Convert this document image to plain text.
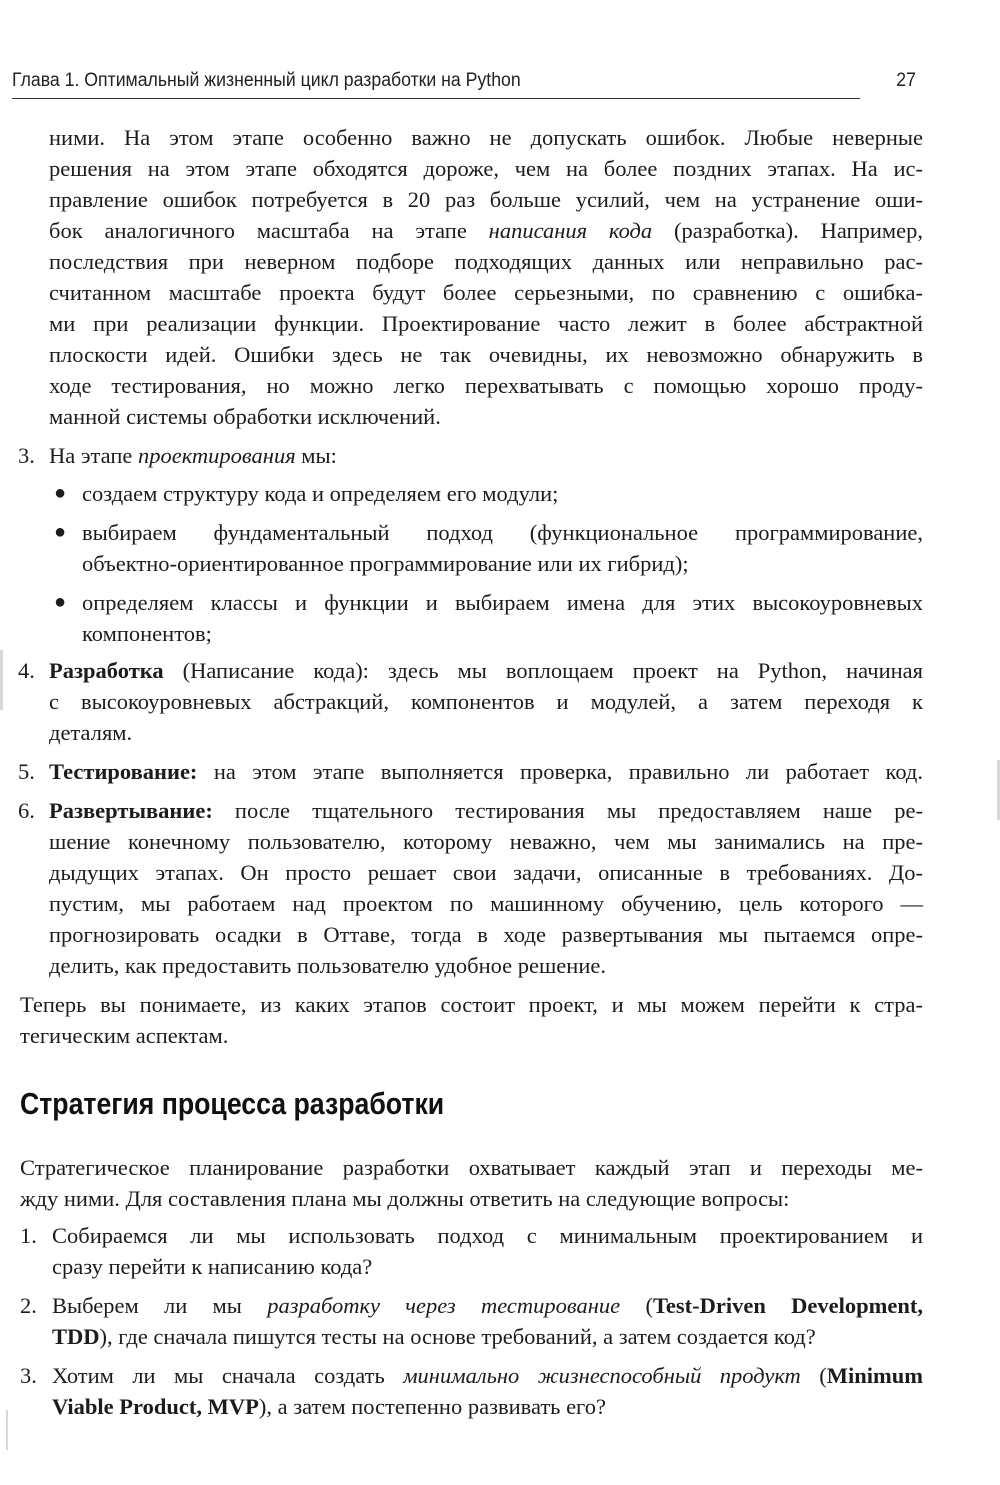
Глава 1. Оптимальный жизненный цикл разработки на Python	27
ними. На этом этапе особенно важно не допускать ошибок. Любые неверные
решения на этом этапе обходятся дороже, чем на более поздних этапах. На ис-
правление ошибок потребуется в 20 раз больше усилий, чем на устранение оши-
бок аналогичного масштаба на этапе написания кода (разработка). Например,
последствия при неверном подборе подходящих данных или неправильно рас-
считанном масштабе проекта будут более серьезными, по сравнению с ошибка-
ми при реализации функции. Проектирование часто лежит в более абстрактной
плоскости идей. Ошибки здесь не так очевидны, их невозможно обнаружить в
ходе тестирования, но можно легко перехватывать с помощью хорошо проду-
манной системы обработки исключений.
3. На этапе проектирования мы:
● создаем структуру кода и определяем его модули;
● выбираем фундаментальный подход (функциональное программирование,
объектно-ориентированное программирование или их гибрид);
● определяем классы и функции и выбираем имена для этих высокоуровневых
компонентов;
4. Разработка (Написание кода): здесь мы воплощаем проект на Python, начиная
с высокоуровневых абстракций, компонентов и модулей, а затем переходя к
деталям.
5. Тестирование: на этом этапе выполняется проверка, правильно ли работает код.
6. Развертывание: после тщательного тестирования мы предоставляем наше ре-
шение конечному пользователю, которому неважно, чем мы занимались на пре-
дыдущих этапах. Он просто решает свои задачи, описанные в требованиях. До-
пустим, мы работаем над проектом по машинному обучению, цель которого —
прогнозировать осадки в Оттаве, тогда в ходе развертывания мы пытаемся опре-
делить, как предоставить пользователю удобное решение.
Теперь вы понимаете, из каких этапов состоит проект, и мы можем перейти к стра-
тегическим аспектам.
Стратегия процесса разработки
Стратегическое планирование разработки охватывает каждый этап и переходы ме-
жду ними. Для составления плана мы должны ответить на следующие вопросы:
1. Собираемся ли мы использовать подход с минимальным проектированием и
сразу перейти к написанию кода?
2. Выберем ли мы разработку через тестирование (Test-Driven Development,
TDD), где сначала пишутся тесты на основе требований, а затем создается код?
3. Хотим ли мы сначала создать минимально жизнеспособный продукт (Minimum
Viable Product, MVP), а затем постепенно развивать его?
